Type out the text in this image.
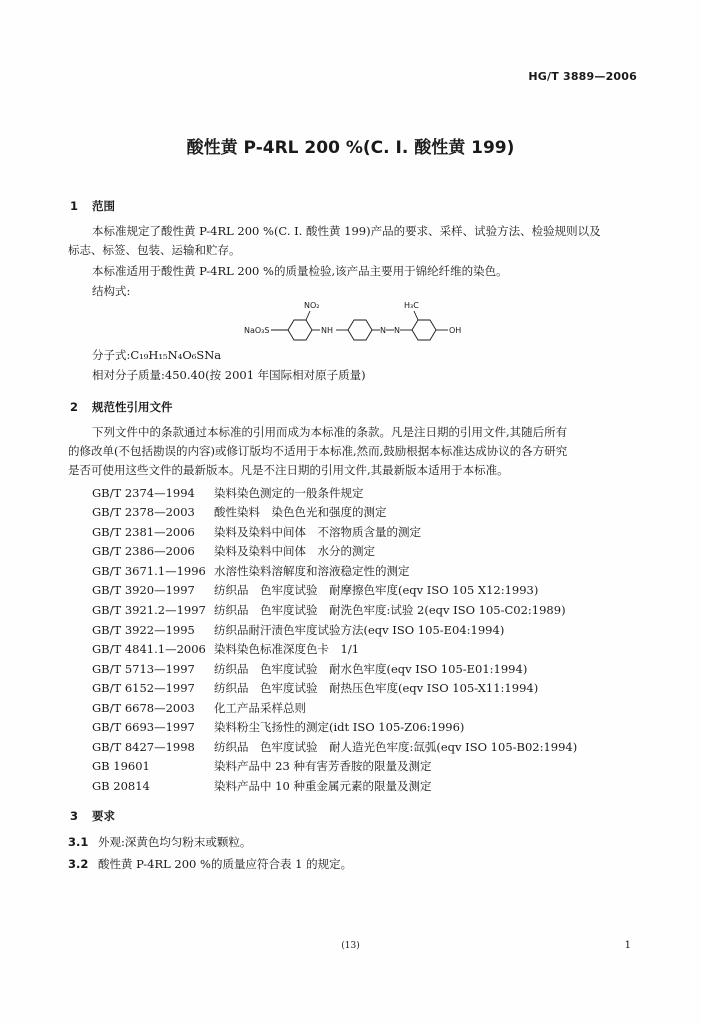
HG/T 3889—2006
酸性黄 P-4RL 200 %(C. I. 酸性黄 199)
1 范围
本标准规定了酸性黄 P-4RL 200 %(C. I. 酸性黄 199)产品的要求、采样、试验方法、检验规则以及
标志、标签、包装、运输和贮存。
本标准适用于酸性黄 P-4RL 200 %的质量检验,该产品主要用于锦纶纤维的染色。
结构式:
NaO₃S
NO₂
NH	N N
H₃C
OH
分子式:C₁₉H₁₅N₄O₆SNa
相对分子质量:450.40(按 2001 年国际相对原子质量)
2 规范性引用文件
下列文件中的条款通过本标准的引用而成为本标准的条款。凡是注日期的引用文件,其随后所有
的修改单(不包括勘误的内容)或修订版均不适用于本标准,然而,鼓励根据本标准达成协议的各方研究
是否可使用这些文件的最新版本。凡是不注日期的引用文件,其最新版本适用于本标准。
GB/T 2374—1994 染料染色测定的一般条件规定
GB/T 2378—2003 酸性染料　染色色光和强度的测定
GB/T 2381—2006 染料及染料中间体　不溶物质含量的测定
GB/T 2386—2006 染料及染料中间体　水分的测定
GB/T 3671.1—1996 水溶性染料溶解度和溶液稳定性的测定
GB/T 3920—1997 纺织品　色牢度试验　耐摩擦色牢度(eqv ISO 105 X12:1993)
GB/T 3921.2—1997 纺织品　色牢度试验　耐洗色牢度:试验 2(eqv ISO 105-C02:1989)
GB/T 3922—1995 纺织品耐汗渍色牢度试验方法(eqv ISO 105-E04:1994)
GB/T 4841.1—2006 染料染色标准深度色卡　1/1
GB/T 5713—1997 纺织品　色牢度试验　耐水色牢度(eqv ISO 105-E01:1994)
GB/T 6152—1997 纺织品　色牢度试验　耐热压色牢度(eqv ISO 105-X11:1994)
GB/T 6678—2003 化工产品采样总则
GB/T 6693—1997 染料粉尘飞扬性的测定(idt ISO 105-Z06:1996)
GB/T 8427—1998 纺织品　色牢度试验　耐人造光色牢度:氙弧(eqv ISO 105-B02:1994)
GB 19601	染料产品中 23 种有害芳香胺的限量及测定
GB 20814	染料产品中 10 种重金属元素的限量及测定
3 要求
3.1 外观:深黄色均匀粉末或颗粒。
3.2 酸性黄 P-4RL 200 %的质量应符合表 1 的规定。
(13)	1
